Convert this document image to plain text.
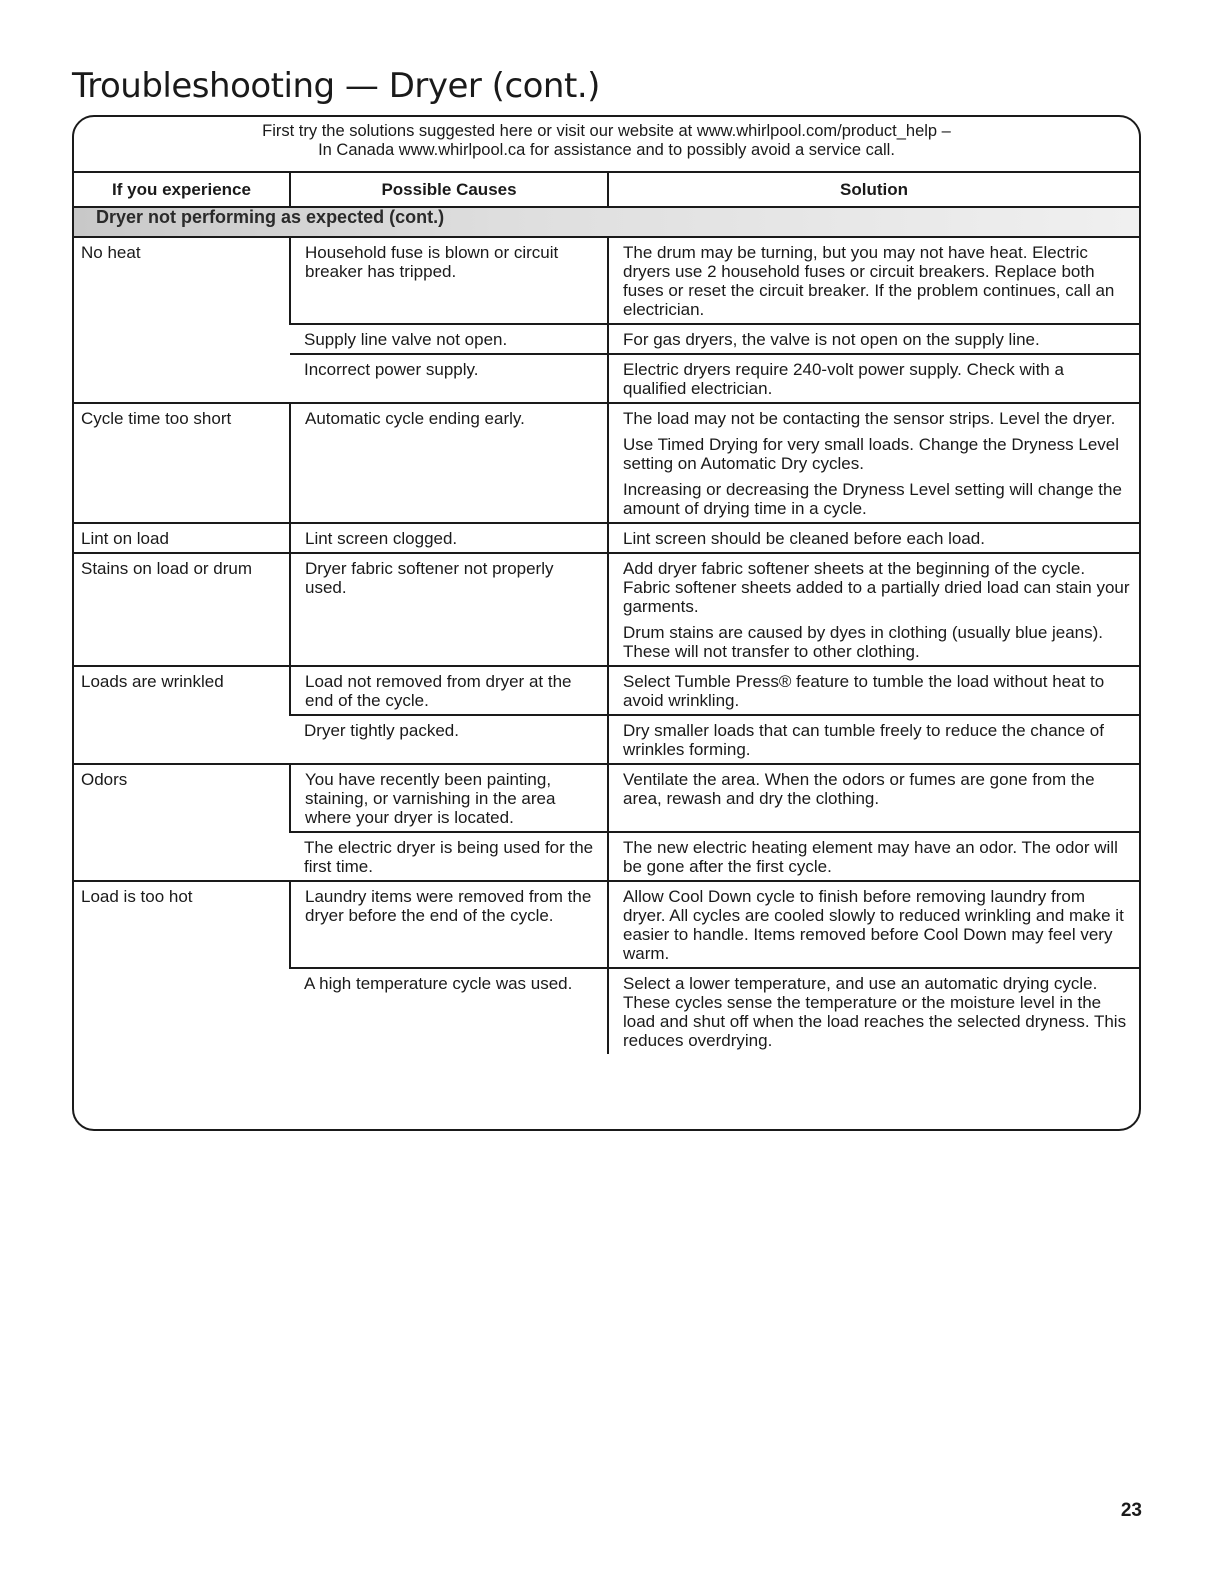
Troubleshooting — Dryer (cont.)
First try the solutions suggested here or visit our website at www.whirlpool.com/product_help –
In Canada www.whirlpool.ca for assistance and to possibly avoid a service call.
If you experience	Possible Causes	Solution
Dryer not performing as expected (cont.)		
No heat	Household fuse is blown or circuit breaker has tripped.	The drum may be turning, but you may not have heat. Electric dryers use 2 household fuses or circuit breakers. Replace both fuses or reset the circuit breaker. If the problem continues, call an electrician.

	Supply line valve not open.	For gas dryers, the valve is not open on the supply line.

	Incorrect power supply.	Electric dryers require 240-volt power supply. Check with a qualified electrician.

Cycle time too short	Automatic cycle ending early.	The load may not be contacting the sensor strips. Level the dryer.

Use Timed Drying for very small loads. Change the Dryness Level setting on Automatic Dry cycles.

Increasing or decreasing the Dryness Level setting will change the amount of drying time in a cycle.

Lint on load	Lint screen clogged.	Lint screen should be cleaned before each load.

Stains on load or drum	Dryer fabric softener not properly used.	Add dryer fabric softener sheets at the beginning of the cycle. Fabric softener sheets added to a partially dried load can stain your garments.

Drum stains are caused by dyes in clothing (usually blue jeans). These will not transfer to other clothing.

Loads are wrinkled	Load not removed from dryer at the end of the cycle.	Select Tumble Press® feature to tumble the load without heat to avoid wrinkling.

	Dryer tightly packed.	Dry smaller loads that can tumble freely to reduce the chance of wrinkles forming.

Odors	You have recently been painting, staining, or varnishing in the area where your dryer is located.	Ventilate the area. When the odors or fumes are gone from the area, rewash and dry the clothing.

	The electric dryer is being used for the first time.	The new electric heating element may have an odor. The odor will be gone after the first cycle.

Load is too hot	Laundry items were removed from the dryer before the end of the cycle.	Allow Cool Down cycle to finish before removing laundry from dryer. All cycles are cooled slowly to reduced wrinkling and make it easier to handle. Items removed before Cool Down may feel very warm.

	A high temperature cycle was used.	Select a lower temperature, and use an automatic drying cycle. These cycles sense the temperature or the moisture level in the load and shut off when the load reaches the selected dryness. This reduces overdrying.

23
